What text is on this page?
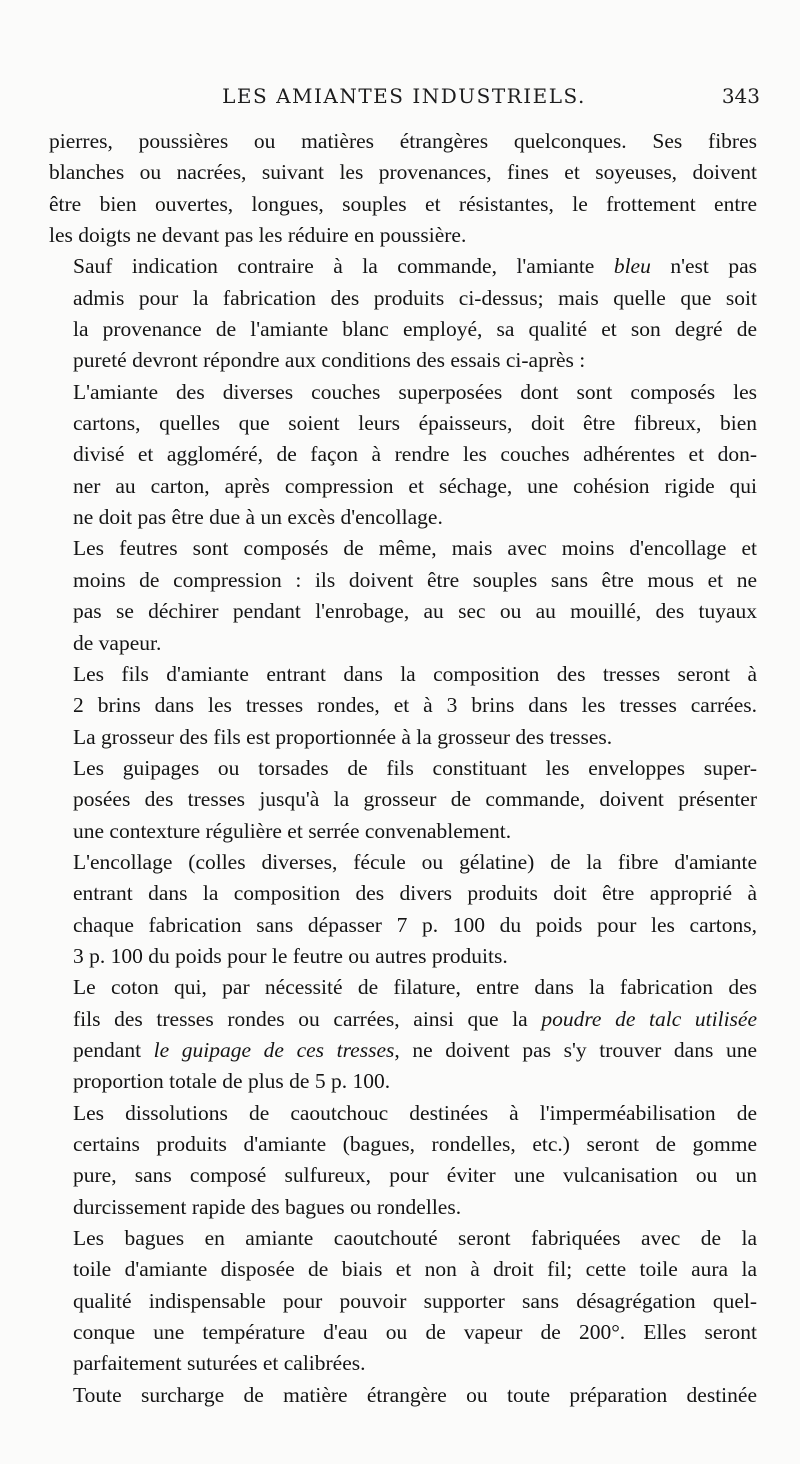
LES AMIANTES INDUSTRIELS.	343
pierres, poussières ou matières étrangères quelconques. Ses fibres
blanches ou nacrées, suivant les provenances, fines et soyeuses, doivent
être bien ouvertes, longues, souples et résistantes, le frottement entre
les doigts ne devant pas les réduire en poussière.
Sauf indication contraire à la commande, l'amiante bleu n'est pas
admis pour la fabrication des produits ci-dessus; mais quelle que soit
la provenance de l'amiante blanc employé, sa qualité et son degré de
pureté devront répondre aux conditions des essais ci-après :
L'amiante des diverses couches superposées dont sont composés les
cartons, quelles que soient leurs épaisseurs, doit être fibreux, bien
divisé et aggloméré, de façon à rendre les couches adhérentes et don-
ner au carton, après compression et séchage, une cohésion rigide qui
ne doit pas être due à un excès d'encollage.
Les feutres sont composés de même, mais avec moins d'encollage et
moins de compression : ils doivent être souples sans être mous et ne
pas se déchirer pendant l'enrobage, au sec ou au mouillé, des tuyaux
de vapeur.
Les fils d'amiante entrant dans la composition des tresses seront à
2 brins dans les tresses rondes, et à 3 brins dans les tresses carrées.
La grosseur des fils est proportionnée à la grosseur des tresses.
Les guipages ou torsades de fils constituant les enveloppes super-
posées des tresses jusqu'à la grosseur de commande, doivent présenter
une contexture régulière et serrée convenablement.
L'encollage (colles diverses, fécule ou gélatine) de la fibre d'amiante
entrant dans la composition des divers produits doit être approprié à
chaque fabrication sans dépasser 7 p. 100 du poids pour les cartons,
3 p. 100 du poids pour le feutre ou autres produits.
Le coton qui, par nécessité de filature, entre dans la fabrication des
fils des tresses rondes ou carrées, ainsi que la poudre de talc utilisée
pendant le guipage de ces tresses, ne doivent pas s'y trouver dans une
proportion totale de plus de 5 p. 100.
Les dissolutions de caoutchouc destinées à l'imperméabilisation de
certains produits d'amiante (bagues, rondelles, etc.) seront de gomme
pure, sans composé sulfureux, pour éviter une vulcanisation ou un
durcissement rapide des bagues ou rondelles.
Les bagues en amiante caoutchouté seront fabriquées avec de la
toile d'amiante disposée de biais et non à droit fil; cette toile aura la
qualité indispensable pour pouvoir supporter sans désagrégation quel-
conque une température d'eau ou de vapeur de 200°. Elles seront
parfaitement suturées et calibrées.
Toute surcharge de matière étrangère ou toute préparation destinée
